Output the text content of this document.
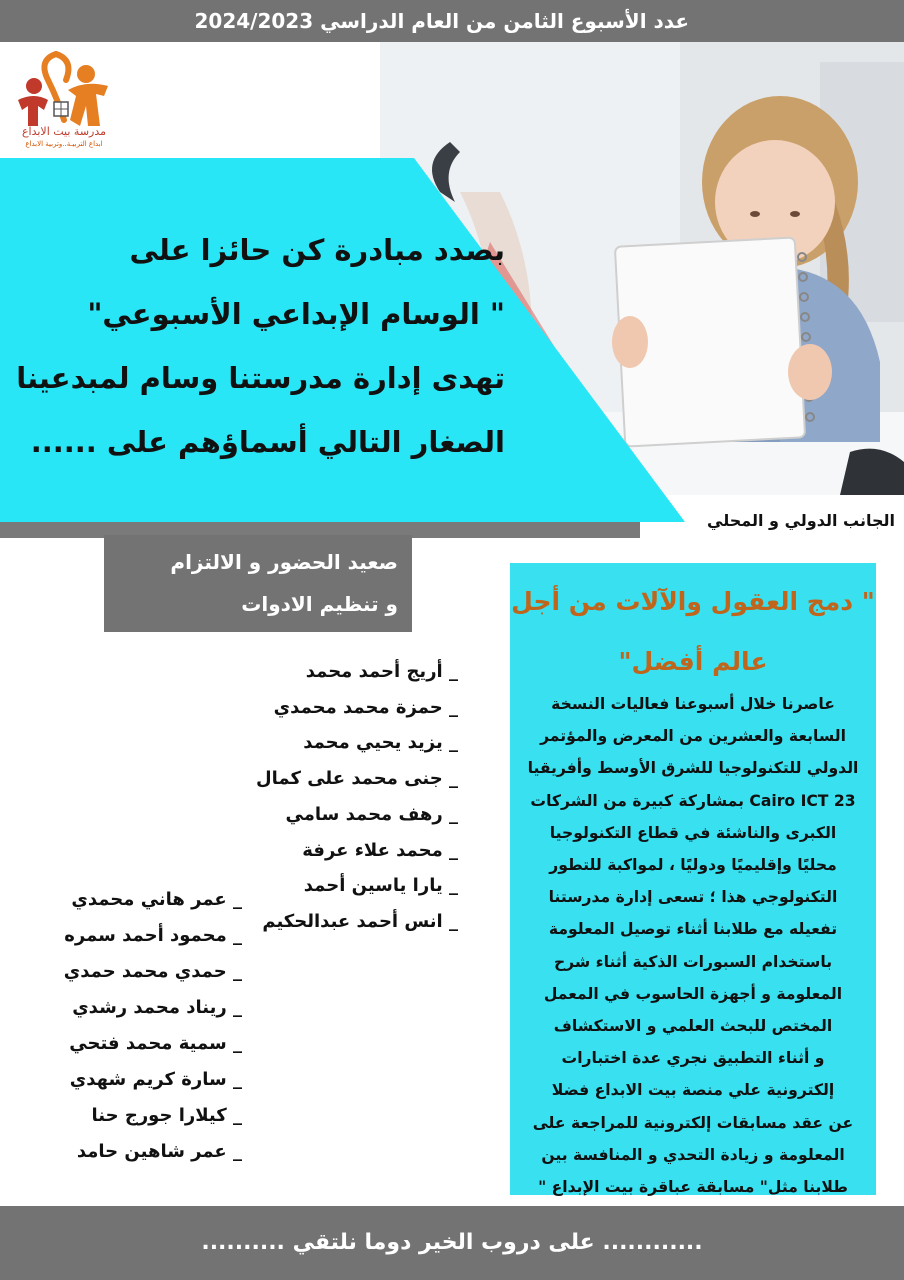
عدد الأسبوع الثامن من العام الدراسي 2024/2023
مدرسة بيت الابداع
ابداع التربيـة..وتربية الابداع
بصدد مبادرة كن حائزا على
" الوسام الإبداعي الأسبوعي"
تهدى إدارة مدرستنا وسام لمبدعينا
الصغار التالي أسماؤهم على ......
الجانب الدولي و المحلي
صعيد الحضور و الالتزام
و تنظيم الادوات
_ أريج أحمد محمد
_ حمزة محمد محمدي
_ يزيد يحيي محمد
_ جنى محمد على كمال
_ رهف محمد سامي
_ محمد علاء عرفة
_ يارا ياسين أحمد
_ انس أحمد عبدالحكيم
_ عمر هاني محمدي
_ محمود أحمد سمره
_ حمدي محمد حمدي
_ ريناد محمد رشدي
_ سمية محمد فتحي
_ سارة كريم شهدي
_ كيلارا جورج حنا
_ عمر شاهين حامد
" دمج العقول والآلات من أجل
عالم أفضل"
عاصرنا خلال أسبوعنا فعاليات النسخة
السابعة والعشرين من المعرض والمؤتمر
الدولي للتكنولوجيا للشرق الأوسط وأفريقيا
Cairo ICT 23 بمشاركة كبيرة من الشركات
الكبرى والناشئة في قطاع التكنولوجيا
محليًا وإقليميًا ودوليًا ، لمواكبة للتطور
التكنولوجي هذا ؛ تسعى إدارة مدرستنا
تفعيله مع طلابنا أثناء توصيل المعلومة
باستخدام السبورات الذكية أثناء شرح
المعلومة و أجهزة الحاسوب في المعمل
المختص للبحث العلمي و الاستكشاف
و أثناء التطبيق نجري عدة اختبارات
إلكترونية علي منصة بيت الابداع فضلا
عن عقد مسابقات إلكترونية للمراجعة على
المعلومة و زيادة التحدي و المنافسة بين
طلابنا مثل" مسابقة عباقرة بيت الإبداع "
............ على دروب الخير دوما نلتقي ..........
